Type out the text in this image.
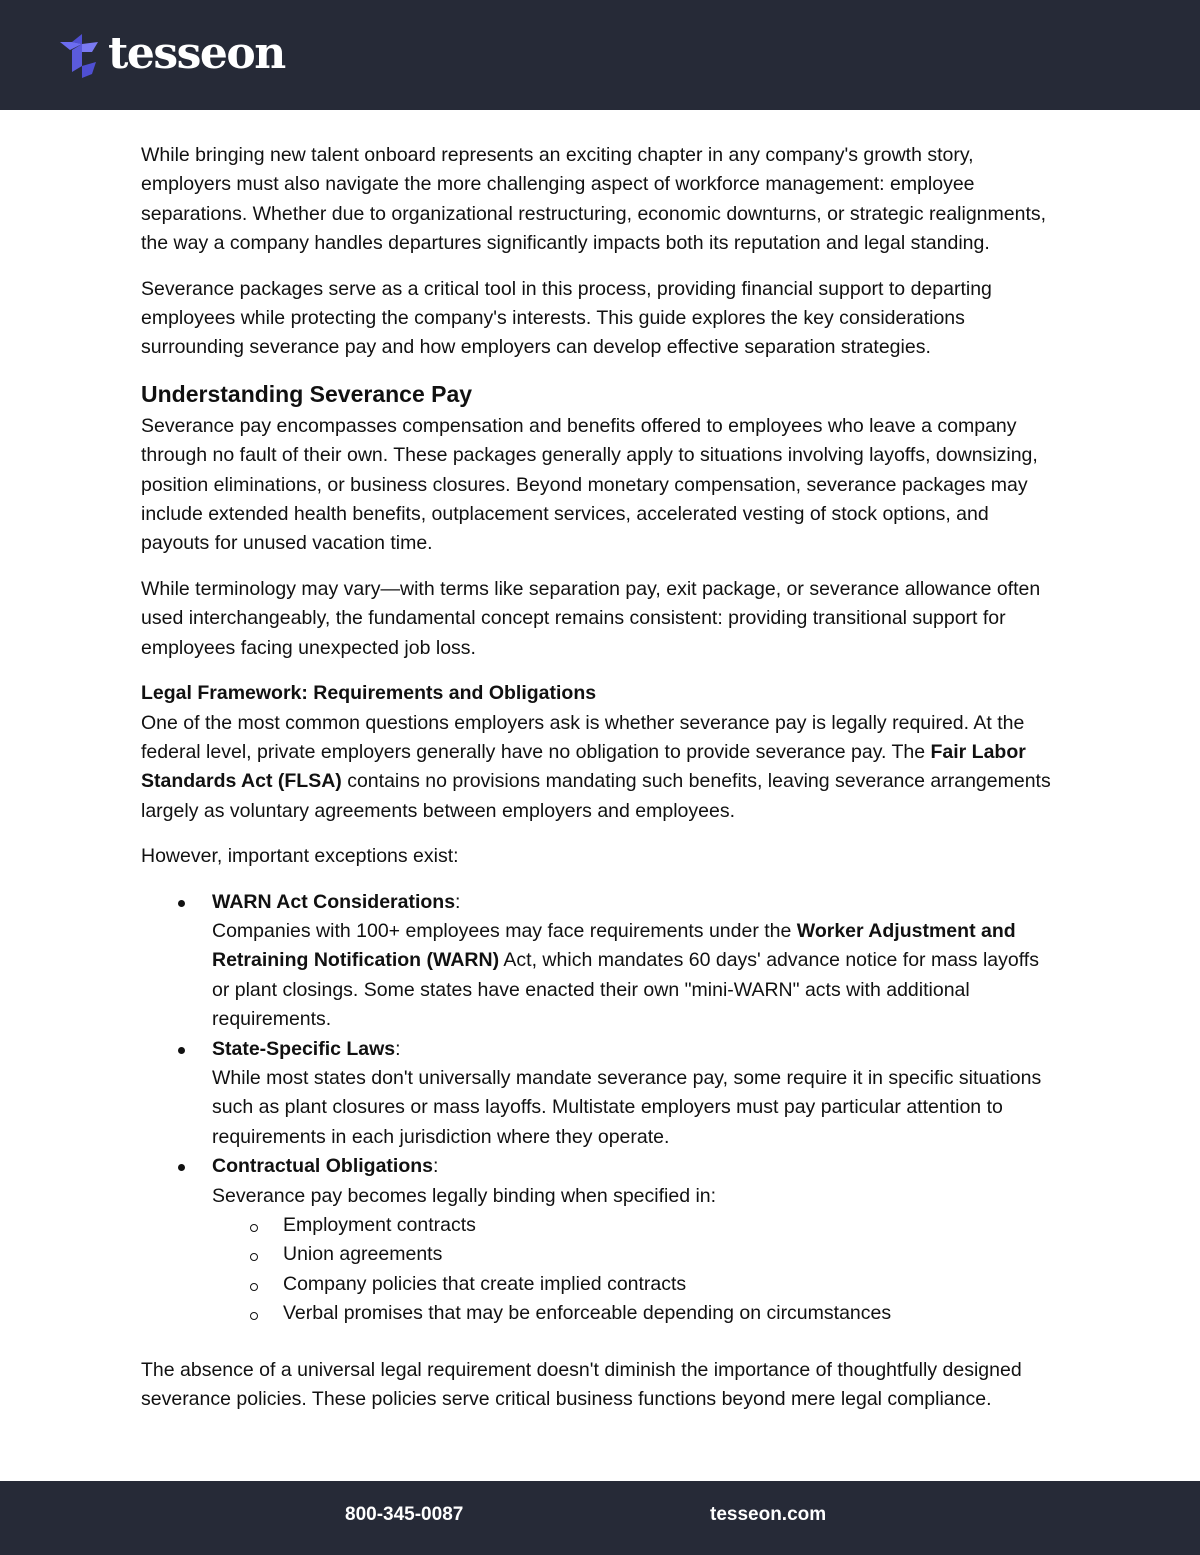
tesseon

While bringing new talent onboard represents an exciting chapter in any company's growth story, employers must also navigate the more challenging aspect of workforce management: employee separations. Whether due to organizational restructuring, economic downturns, or strategic realignments, the way a company handles departures significantly impacts both its reputation and legal standing.

Severance packages serve as a critical tool in this process, providing financial support to departing employees while protecting the company's interests. This guide explores the key considerations surrounding severance pay and how employers can develop effective separation strategies.

Understanding Severance Pay

Severance pay encompasses compensation and benefits offered to employees who leave a company through no fault of their own. These packages generally apply to situations involving layoffs, downsizing, position eliminations, or business closures. Beyond monetary compensation, severance packages may include extended health benefits, outplacement services, accelerated vesting of stock options, and payouts for unused vacation time.

While terminology may vary—with terms like separation pay, exit package, or severance allowance often used interchangeably, the fundamental concept remains consistent: providing transitional support for employees facing unexpected job loss.

Legal Framework: Requirements and Obligations

One of the most common questions employers ask is whether severance pay is legally required. At the federal level, private employers generally have no obligation to provide severance pay. The Fair Labor Standards Act (FLSA) contains no provisions mandating such benefits, leaving severance arrangements largely as voluntary agreements between employers and employees.

However, important exceptions exist:

WARN Act Considerations:
Companies with 100+ employees may face requirements under the Worker Adjustment and Retraining Notification (WARN) Act, which mandates 60 days' advance notice for mass layoffs or plant closings. Some states have enacted their own "mini-WARN" acts with additional requirements.
State-Specific Laws:
While most states don't universally mandate severance pay, some require it in specific situations such as plant closures or mass layoffs. Multistate employers must pay particular attention to requirements in each jurisdiction where they operate.
Contractual Obligations:
Severance pay becomes legally binding when specified in:
Employment contracts
Union agreements
Company policies that create implied contracts
Verbal promises that may be enforceable depending on circumstances

The absence of a universal legal requirement doesn't diminish the importance of thoughtfully designed severance policies. These policies serve critical business functions beyond mere legal compliance.

800-345-0087	tesseon.com
